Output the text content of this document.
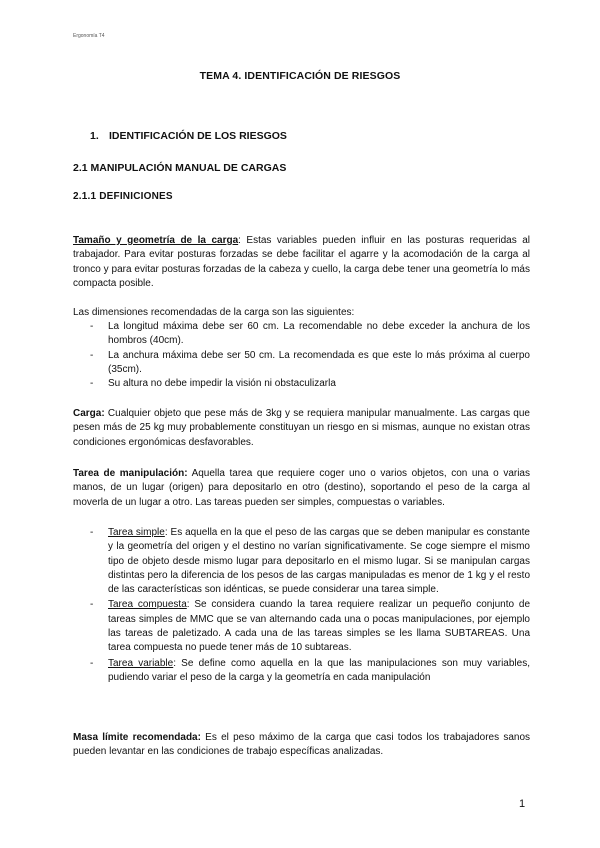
Ergonomía T4
TEMA 4. IDENTIFICACIÓN DE RIESGOS
1. IDENTIFICACIÓN DE LOS RIESGOS
2.1 MANIPULACIÓN MANUAL DE CARGAS
2.1.1 DEFINICIONES
Tamaño y geometría de la carga: Estas variables pueden influir en las posturas requeridas al trabajador. Para evitar posturas forzadas se debe facilitar el agarre y la acomodación de la carga al tronco y para evitar posturas forzadas de la cabeza y cuello, la carga debe tener una geometría lo más compacta posible.
Las dimensiones recomendadas de la carga son las siguientes:
- La longitud máxima debe ser 60 cm. La recomendable no debe exceder la anchura de los hombros (40cm).
- La anchura máxima debe ser 50 cm. La recomendada es que este lo más próxima al cuerpo (35cm).
- Su altura no debe impedir la visión ni obstaculizarla
Carga: Cualquier objeto que pese más de 3kg y se requiera manipular manualmente. Las cargas que pesen más de 25 kg muy probablemente constituyan un riesgo en si mismas, aunque no existan otras condiciones ergonómicas desfavorables.
Tarea de manipulación: Aquella tarea que requiere coger uno o varios objetos, con una o varias manos, de un lugar (origen) para depositarlo en otro (destino), soportando el peso de la carga al moverla de un lugar a otro. Las tareas pueden ser simples, compuestas o variables.
- Tarea simple: Es aquella en la que el peso de las cargas que se deben manipular es constante y la geometría del origen y el destino no varían significativamente. Se coge siempre el mismo tipo de objeto desde mismo lugar para depositarlo en el mismo lugar. Si se manipulan cargas distintas pero la diferencia de los pesos de las cargas manipuladas es menor de 1 kg y el resto de las características son idénticas, se puede considerar una tarea simple.
- Tarea compuesta: Se considera cuando la tarea requiere realizar un pequeño conjunto de tareas simples de MMC que se van alternando cada una o pocas manipulaciones, por ejemplo las tareas de paletizado. A cada una de las tareas simples se les llama SUBTAREAS. Una tarea compuesta no puede tener más de 10 subtareas.
- Tarea variable: Se define como aquella en la que las manipulaciones son muy variables, pudiendo variar el peso de la carga y la geometría en cada manipulación
Masa límite recomendada: Es el peso máximo de la carga que casi todos los trabajadores sanos pueden levantar en las condiciones de trabajo específicas analizadas.
1
